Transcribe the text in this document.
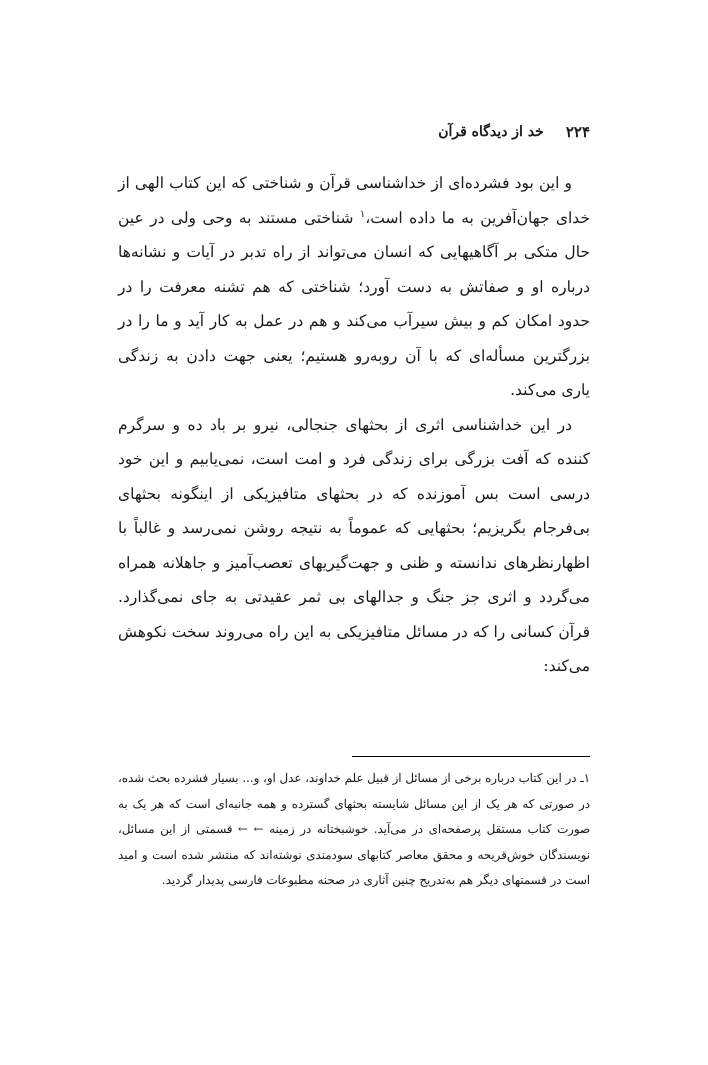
۲۲۴
خد از دیدگاه قرآن

و این بود فشرده‌ای از خداشناسی قرآن و شناختی که این کتاب الهی از خدای جهان‌آفرین به ما داده است،$^۱$ شناختی مستند به وحی ولی در عین حال متکی بر آگاهیهایی که انسان می‌تواند از راه تدبر در آیات و نشانه‌ها درباره او و صفاتش به دست آورد؛ شناختی که هم تشنه معرفت را در حدود امکان کم و بیش سیرآب می‌کند و هم در عمل به کار آید و ما را در بزرگترین مسأله‌ای که با آن روبه‌رو هستیم؛ یعنی جهت دادن به زندگی یاری می‌کند.

در این خداشناسی اثری از بحثهای جنجالی، نیرو بر باد ده و سرگرم کننده که آفت بزرگی برای زندگی فرد و امت است، نمی‌یابیم و این خود درسی است بس آموزنده که در بحثهای متافیزیکی از اینگونه بحثهای بی‌فرجام بگریزیم؛ بحثهایی که عموماً به نتیجه روشن نمی‌رسد و غالباً با اظهارنظرهای ندانسته و ظنی و جهت‌گیریهای تعصب‌آمیز و جاهلانه همراه می‌گردد و اثری جز جنگ و جدالهای بی ثمر عقیدتی به جای نمی‌گذارد. قرآن کسانی را که در مسائل متافیزیکی به این راه می‌روند سخت نکوهش می‌کند:

۱ـ در این کتاب درباره برخی از مسائل از قبیل علم خداوند، عدل او، و... بسیار فشرده بحث شده، در صورتی که هر یک از این مسائل شایسته بحثهای گسترده و همه جانبه‌ای است که هر یک به صورت کتاب مستقل پرصفحه‌ای در می‌آید. خوشبختانه در زمینه ← ← قسمتی از این مسائل، نویسندگان خوش‌قریحه و محقق معاصر کتابهای سودمندی نوشته‌اند که منتشر شده است و امید است در قسمتهای دیگر هم به‌تدریج چنین آثاری در صحنه مطبوعات فارسی پدیدار گردید.
